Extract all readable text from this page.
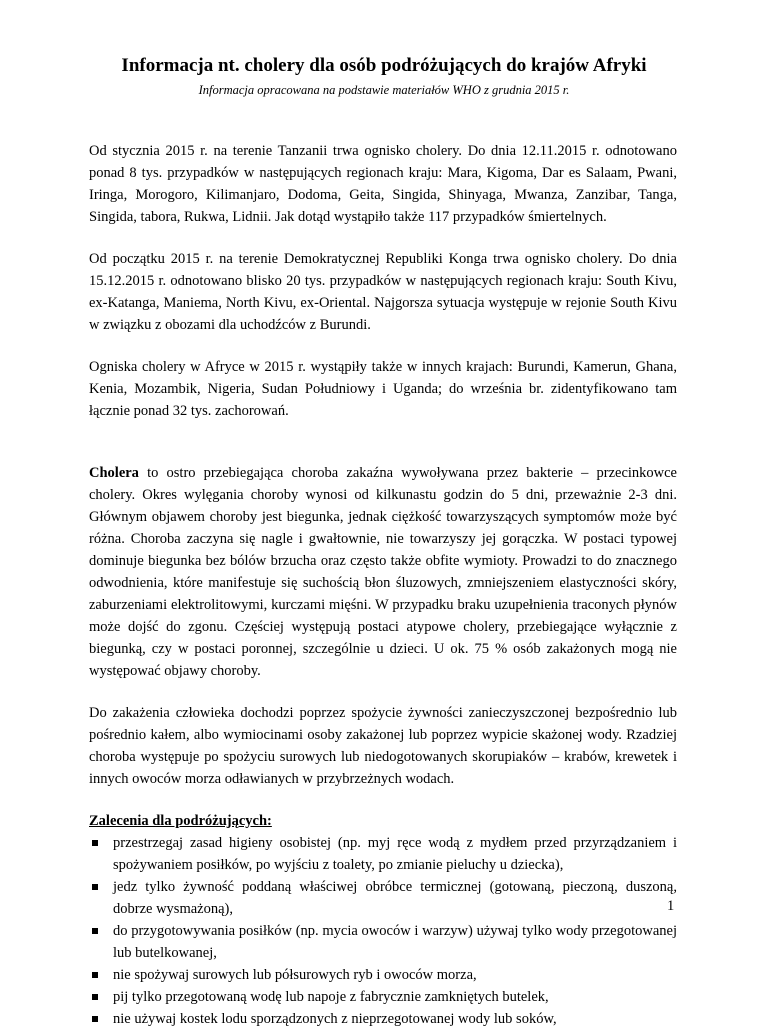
Informacja nt. cholery dla osób podróżujących do krajów Afryki
Informacja opracowana na podstawie materiałów WHO z grudnia 2015 r.

Od stycznia 2015 r. na terenie Tanzanii trwa ognisko cholery. Do dnia 12.11.2015 r. odnotowano ponad 8 tys. przypadków w następujących regionach kraju: Mara, Kigoma, Dar es Salaam, Pwani, Iringa, Morogoro, Kilimanjaro, Dodoma, Geita, Singida, Shinyaga, Mwanza, Zanzibar, Tanga, Singida, tabora, Rukwa, Lidnii. Jak dotąd wystąpiło także 117 przypadków śmiertelnych.

Od początku 2015 r. na terenie Demokratycznej Republiki Konga trwa ognisko cholery. Do dnia 15.12.2015 r. odnotowano blisko 20 tys. przypadków w następujących regionach kraju: South Kivu, ex-Katanga, Maniema, North Kivu, ex-Oriental. Najgorsza sytuacja występuje w rejonie South Kivu w związku z obozami dla uchodźców z Burundi.

Ogniska cholery w Afryce w 2015 r. wystąpiły także w innych krajach: Burundi, Kamerun, Ghana, Kenia, Mozambik, Nigeria, Sudan Południowy i Uganda; do września br. zidentyfikowano tam łącznie ponad 32 tys. zachorowań.

Cholera to ostro przebiegająca choroba zakaźna wywoływana przez bakterie – przecinkowce cholery. Okres wylęgania choroby wynosi od kilkunastu godzin do 5 dni, przeważnie 2-3 dni. Głównym objawem choroby jest biegunka, jednak ciężkość towarzyszących symptomów może być różna. Choroba zaczyna się nagle i gwałtownie, nie towarzyszy jej gorączka. W postaci typowej dominuje biegunka bez bólów brzucha oraz często także obfite wymioty. Prowadzi to do znacznego odwodnienia, które manifestuje się suchością błon śluzowych, zmniejszeniem elastyczności skóry, zaburzeniami elektrolitowymi, kurczami mięśni. W przypadku braku uzupełnienia traconych płynów może dojść do zgonu. Częściej występują postaci atypowe cholery, przebiegające wyłącznie z biegunką, czy w postaci poronnej, szczególnie u dzieci. U ok. 75 % osób zakażonych mogą nie występować objawy choroby.

Do zakażenia człowieka dochodzi poprzez spożycie żywności zanieczyszczonej bezpośrednio lub pośrednio kałem, albo wymiocinami osoby zakażonej lub poprzez wypicie skażonej wody. Rzadziej choroba występuje po spożyciu surowych lub niedogotowanych skorupiaków – krabów, krewetek i innych owoców morza odławianych w przybrzeżnych wodach.

Zalecenia dla podróżujących:
przestrzegaj zasad higieny osobistej (np. myj ręce wodą z mydłem przed przyrządzaniem i spożywaniem posiłków, po wyjściu z toalety, po zmianie pieluchy u dziecka),
jedz tylko żywność poddaną właściwej obróbce termicznej (gotowaną, pieczoną, duszoną, dobrze wysmażoną),
do przygotowywania posiłków (np. mycia owoców i warzyw) używaj tylko wody przegotowanej lub butelkowanej,
nie spożywaj surowych lub półsurowych ryb i owoców morza,
pij tylko przegotowaną wodę lub napoje z fabrycznie zamkniętych butelek,
nie używaj kostek lodu sporządzonych z nieprzegotowanej wody lub soków,
1
